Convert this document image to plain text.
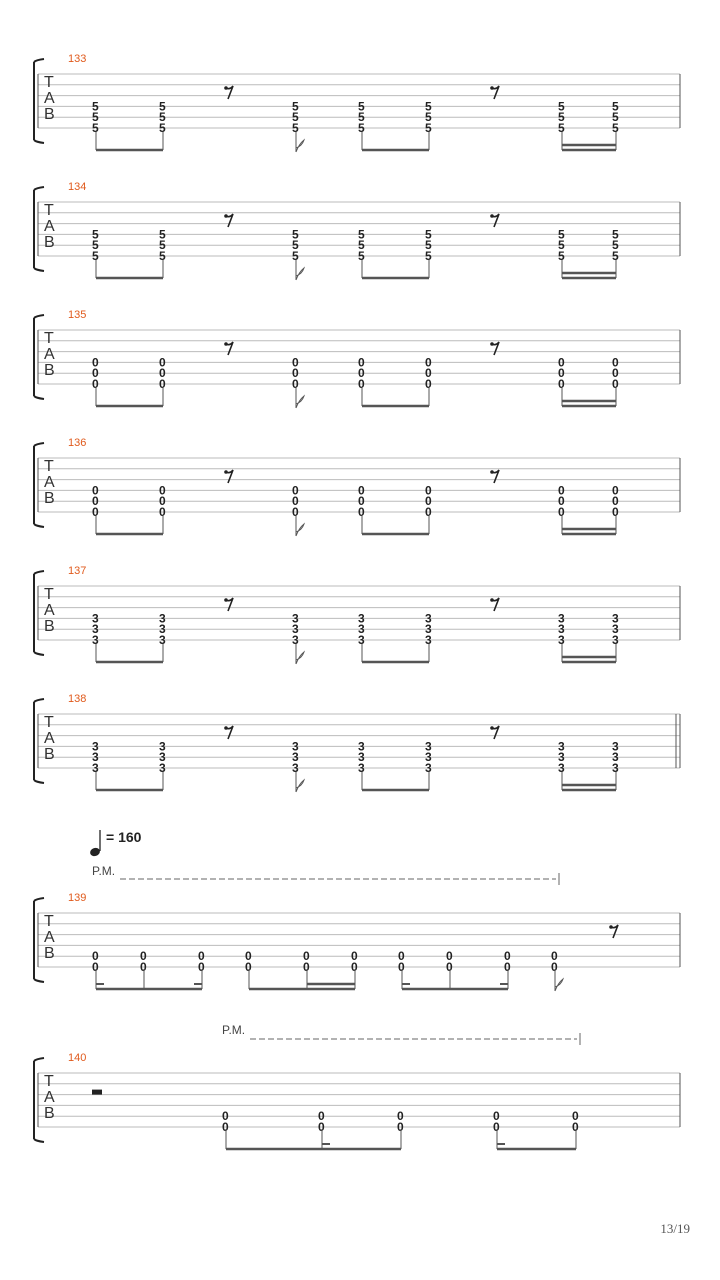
T
A
B
133
5
5
5
5
5
5
5
5
5
5
5
5
5
5
5
5
5
5
5
5
5
T
A
B
134
5
5
5
5
5
5
5
5
5
5
5
5
5
5
5
5
5
5
5
5
5
T
A
B
135
0
0
0
0
0
0
0
0
0
0
0
0
0
0
0
0
0
0
0
0
0
T
A
B
136
0
0
0
0
0
0
0
0
0
0
0
0
0
0
0
0
0
0
0
0
0
T
A
B
137
3
3
3
3
3
3
3
3
3
3
3
3
3
3
3
3
3
3
3
3
3
T
A
B
138
3
3
3
3
3
3
3
3
3
3
3
3
3
3
3
3
3
3
3
3
3
T
A
B
139
= 160
P.M.
0
0
0
0
0
0
0
0
0
0
0
0
0
0
0
0
0
0
0
0
T
A
B
140
P.M.
0
0
0
0
0
0
0
0
0
0
13/19
